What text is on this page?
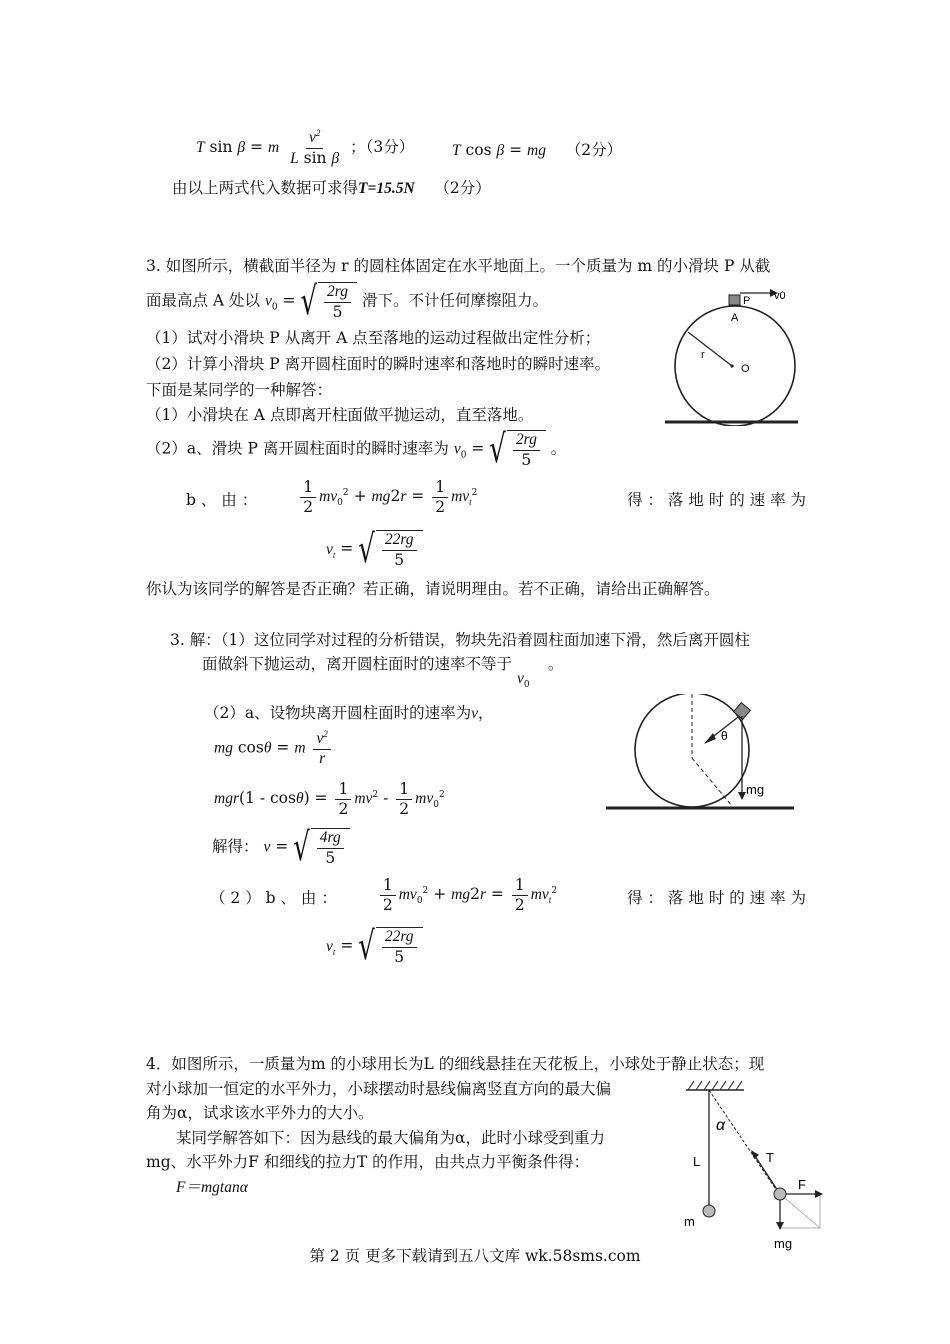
T sin β = m $\frac{v^2}{\text{L sin β}}$ ；（3分） T cos β = mg （2分）
由以上两式代入数据可求得T=15.5N （2分）
3. 如图所示，横截面半径为 r 的圆柱体固定在水平地面上。一个质量为 m 的小滑块 P 从截
面最高点 A 处以 $v_0$ = √ $\frac{2rg}{5}$ 滑下。不计任何摩擦阻力。
（1）试对小滑块 P 从离开 A 点至落地的运动过程做出定性分析；
（2）计算小滑块 P 离开圆柱面时的瞬时速率和落地时的瞬时速率。
下面是某同学的一种解答：
（1）小滑块在 A 点即离开柱面做平抛运动，直至落地。
（2）a、滑块 P 离开圆柱面时的瞬时速率为 $v_0$ = √ $\frac{2rg}{5}$ 。
b 、 由 ：	$\frac{1}{2} mv_0^2 + mg2r = \frac{1}{2} mv_t^2$	得 ： 落 地 时 的 速 率 为
$v_t$ = √ $\frac{22rg}{5}$
你认为该同学的解答是否正确？若正确，请说明理由。若不正确，请给出正确解答。
v0
P
A
r
O
3. 解：（1）这位同学对过程的分析错误，物块先沿着圆柱面加速下滑，然后离开圆柱
面做斜下抛运动，离开圆柱面时的速率不等于 $v_0$ 。
（2）a、设物块离开圆柱面时的速率为v，
mg cosθ = m $\frac{v^2}{r}$
$mgr(1 - \cos\theta) = \frac{1}{2} mv^2 - \frac{1}{2} mv_0^2$
解得： v = √ $\frac{4rg}{5}$
（ 2 ） b 、 由 ：	$\frac{1}{2} mv_0^2 + mg2r = \frac{1}{2} mv_t^2$	得 ： 落 地 时 的 速 率 为
$v_t$ = √ $\frac{22rg}{5}$
θ
mg
4．如图所示，一质量为m 的小球用长为L 的细线悬挂在天花板上，小球处于静止状态；现
对小球加一恒定的水平外力，小球摆动时悬线偏离竖直方向的最大偏
角为α，试求该水平外力的大小。
某同学解答如下：因为悬线的最大偏角为α，此时小球受到重力
mg、水平外力F 和细线的拉力T 的作用，由共点力平衡条件得：
F＝mgtanα
α
T
F
L
m
mg
第 2 页 更多下载请到五八文库 wk.58sms.com
